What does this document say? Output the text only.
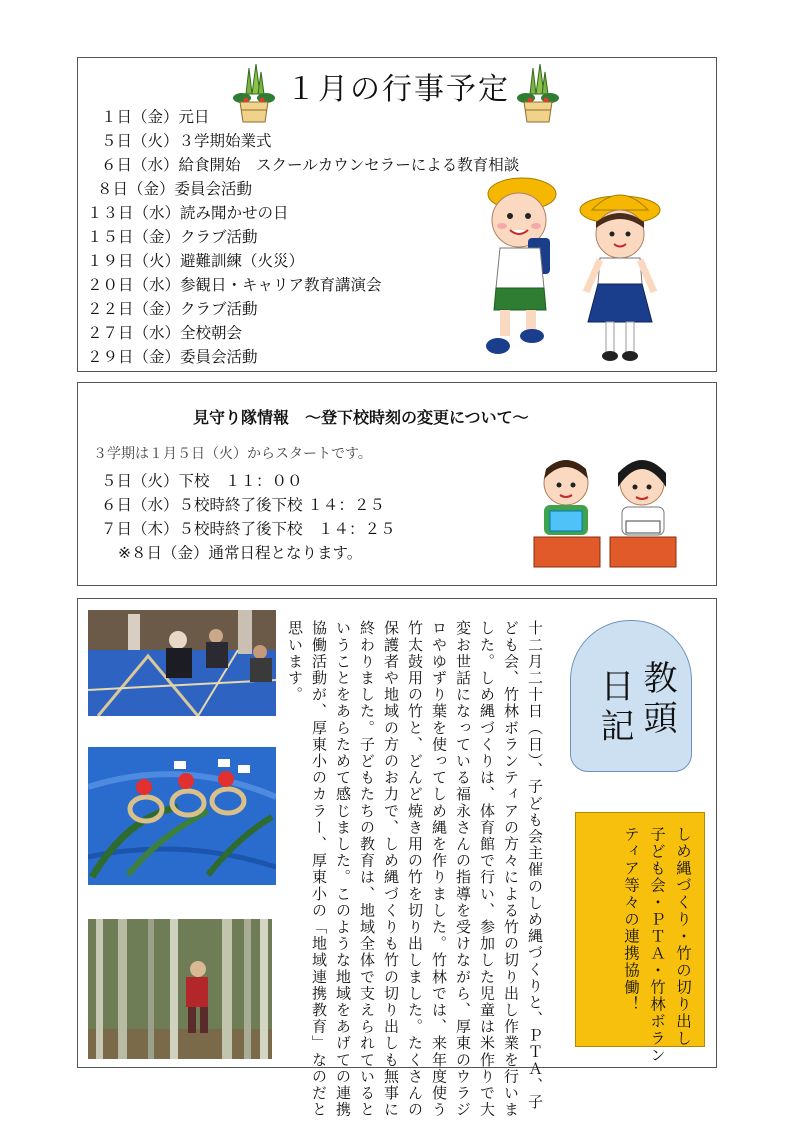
１月の行事予定
１日（金）元日
５日（火）３学期始業式
６日（水）給食開始　スクールカウンセラーによる教育相談
８日（金）委員会活動
１３日（水）読み聞かせの日
１５日（金）クラブ活動
１９日（火）避難訓練（火災）
２０日（水）参観日・キャリア教育講演会
２２日（金）クラブ活動
２７日（水）全校朝会
２９日（金）委員会活動
見守り隊情報　～登下校時刻の変更について～
３学期は１月５日（火）からスタートです。
５日（火）下校　１１：００
６日（水）５校時終了後下校 １４：２５
７日（木）５校時終了後下校　１４：２５
※８日（金）通常日程となります。
十二月二十日（日）、子ども会主催のしめ縄づくりと、ＰＴＡ、子
ども会、竹林ボランティアの方々による竹の切り出し作業を行いま
した。しめ縄づくりは、体育館で行い、参加した児童は米作りで大
変お世話になっている福永さんの指導を受けながら、厚東のウラジ
ロやゆずり葉を使ってしめ縄を作りました。竹林では、来年度使う
竹太鼓用の竹と、どんど焼き用の竹を切り出しました。たくさんの
保護者や地域の方のお力で、しめ縄づくりも竹の切り出しも無事に
終わりました。子どもたちの教育は、地域全体で支えられていると
いうことをあらためて感じました。このような地域をあげての連携
協働活動が、厚東小のカラー、厚東小の「地域連携教育」なのだと
思います。	教頭
日記
しめ縄づくり・竹の切り出し
子ども会・ＰＴＡ・竹林ボラン
ティア等々の連携協働！
